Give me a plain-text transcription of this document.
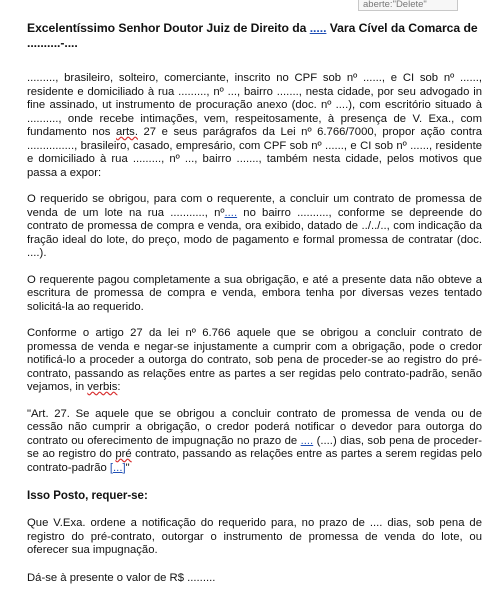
aberte:"Delete"
Excelentíssimo Senhor Doutor Juiz de Direito da ..... Vara Cível da Comarca de ..........-....

........., brasileiro, solteiro, comerciante, inscrito no CPF sob nº ......, e CI sob nº ......, residente e domiciliado à rua ........., nº ..., bairro ......., nesta cidade, por seu advogado in fine assinado, ut instrumento de procuração anexo (doc. nº ....), com escritório situado à .........., onde recebe intimações, vem, respeitosamente, à presença de V. Exa., com fundamento nos arts. 27 e seus parágrafos da Lei nº 6.766/7000, propor ação contra ..............., brasileiro, casado, empresário, com CPF sob nº ......, e CI sob nº ......, residente e domiciliado à rua ........., nº ..., bairro ......., também nesta cidade, pelos motivos que passa a expor:

O requerido se obrigou, para com o requerente, a concluir um contrato de promessa de venda de um lote na rua ..........., nº.... no bairro .........., conforme se depreende do contrato de promessa de compra e venda, ora exibido, datado de ../../.., com indicação da fração ideal do lote, do preço, modo de pagamento e formal promessa de contratar (doc. ....).

O requerente pagou completamente a sua obrigação, e até a presente data não obteve a escritura de promessa de compra e venda, embora tenha por diversas vezes tentado solicitá-la ao requerido.

Conforme o artigo 27 da lei nº 6.766 aquele que se obrigou a concluir contrato de promessa de venda e negar-se injustamente a cumprir com a obrigação, pode o credor notificá-lo a proceder a outorga do contrato, sob pena de proceder-se ao registro do pré-contrato, passando as relações entre as partes a ser regidas pelo contrato-padrão, senão vejamos, in verbis:

"Art. 27. Se aquele que se obrigou a concluir contrato de promessa de venda ou de cessão não cumprir a obrigação, o credor poderá notificar o devedor para outorga do contrato ou oferecimento de impugnação no prazo de .... (....) dias, sob pena de proceder-se ao registro do pré contrato, passando as relações entre as partes a serem regidas pelo contrato-padrão [...]"

Isso Posto, requer-se:

Que V.Exa. ordene a notificação do requerido para, no prazo de .... dias, sob pena de registro do pré-contrato, outorgar o instrumento de promessa de venda do lote, ou oferecer sua impugnação.

Dá-se à presente o valor de R$ .........
